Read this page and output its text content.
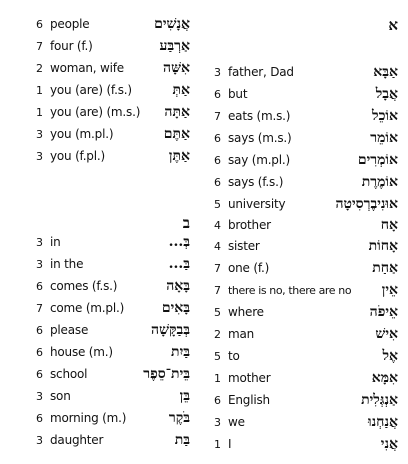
6 people	אֲנָשִׁים
7 four (f.)	אַרְבַּע
2 woman, wife	אִשָּׁה
1 you (are) (f.s.)	אַתְּ
1 you (are) (m.s.) אַתָּה
3 you (m.pl.)	אַתֶּם
3 you (f.pl.)	אַתֶּן
ב
3 in	בְּ...
3 in the	בַּ...
6 comes (f.s.)	בָּאָה
7 come (m.pl.)	בָּאִים
6 please	בְּבַקָּשָׁה
6 house (m.)	בַּיִת
6 school	בֵּית־סֵפֶר
3 son	בֵּן
6 morning (m.)	בֹּקֶר
3 daughter	בַּת
א
3 father, Dad	אַבָּא
6 but	אֲבָל
7 eats (m.s.)	אוֹכֵל
6 says (m.s.)	אוֹמֵר
6 say (m.pl.)	אוֹמְרִים
6 says (f.s.)	אוֹמֶרֶת
5 university	אוּנִיבֶרְסִיטָה
4 brother	אָח
4 sister	אָחוֹת
7 one (f.)	אַחַת
7 there is no, there are no אֵין
5 where	אֵיפֹה
2 man	אִישׁ
5 to	אֶל
1 mother	אִמָּא
6 English	אַנְגְּלִית
3 we	אֲנַחְנוּ
1 I	אֲנִי
